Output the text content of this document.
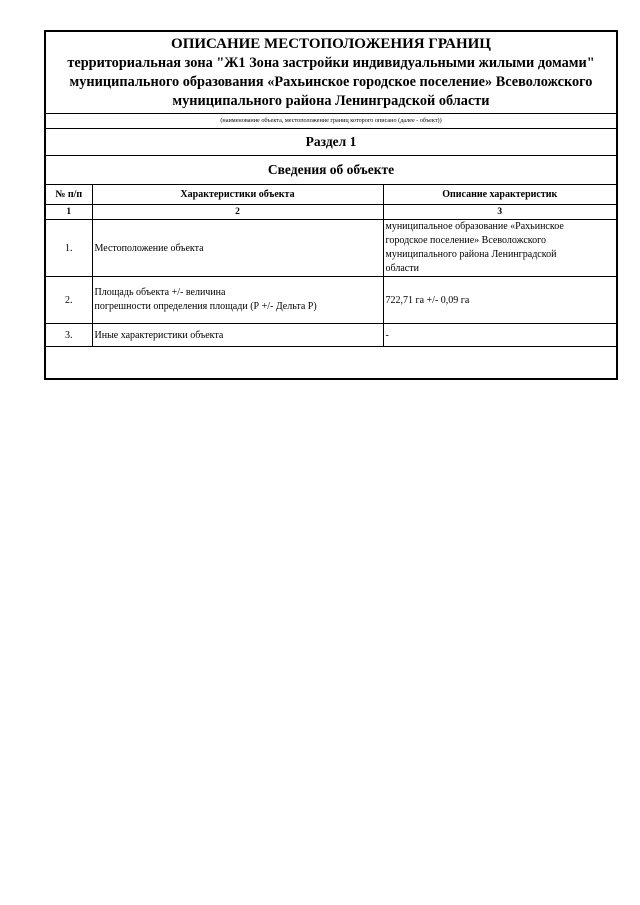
ОПИСАНИЕ МЕСТОПОЛОЖЕНИЯ ГРАНИЦ
территориальная зона "Ж1 Зона застройки индивидуальными жилыми домами"
муниципального образования «Рахьинское городское поселение» Всеволожского
муниципального района Ленинградской области
(наименование объекта, местоположение границ которого описано (далее - объект))
Раздел 1
Сведения об объекте
№ п/п	Характеристики объекта	Описание характеристик
1	2	3
1.	Местоположение объекта	муниципальное образование «Рахьинское
городское поселение» Всеволожского
муниципального района Ленинградской
области

2.	Площадь объекта +/- величина
погрешности определения площади (Р +/- Дельта Р)	722,71 га +/- 0,09 га
3.	Иные характеристики объекта	-
